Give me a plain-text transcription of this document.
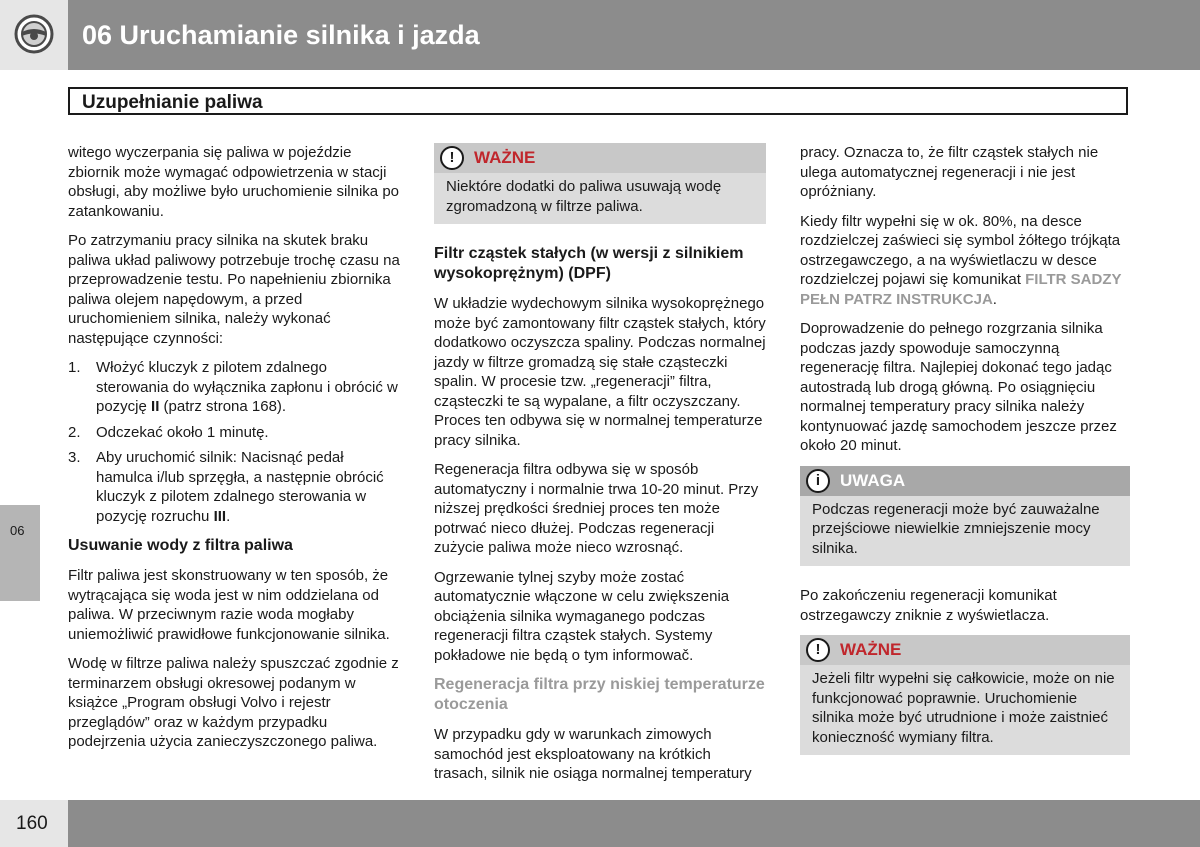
06 Uruchamianie silnika i jazda
Uzupełnianie paliwa
06

witego wyczerpania się paliwa w pojeździe zbiornik może wymagać odpowietrzenia w stacji obsługi, aby możliwe było uruchomienie silnika po zatankowaniu.

Po zatrzymaniu pracy silnika na skutek braku paliwa układ paliwowy potrzebuje trochę czasu na przeprowadzenie testu. Po napełnieniu zbiornika paliwa olejem napędowym, a przed uruchomieniem silnika, należy wykonać następujące czynności:

1. Włożyć kluczyk z pilotem zdalnego sterowania do wyłącznika zapłonu i obrócić w pozycję II (patrz strona 168).
2. Odczekać około 1 minutę.
3. Aby uruchomić silnik: Nacisnąć pedał hamulca i/lub sprzęgła, a następnie obrócić kluczyk z pilotem zdalnego sterowania w pozycję rozruchu III.

Usuwanie wody z filtra paliwa

Filtr paliwa jest skonstruowany w ten sposób, że wytrącająca się woda jest w nim oddzielana od paliwa. W przeciwnym razie woda mogłaby uniemożliwić prawidłowe funkcjonowanie silnika.

Wodę w filtrze paliwa należy spuszczać zgodnie z terminarzem obsługi okresowej podanym w książce „Program obsługi Volvo i rejestr przeglądów” oraz w każdym przypadku podejrzenia użycia zanieczyszczonego paliwa.

!	WAŻNE
Niektóre dodatki do paliwa usuwają wodę zgromadzoną w filtrze paliwa.

Filtr cząstek stałych (w wersji z silnikiem wysokoprężnym) (DPF)

W układzie wydechowym silnika wysokoprężnego może być zamontowany filtr cząstek stałych, który dodatkowo oczyszcza spaliny. Podczas normalnej jazdy w filtrze gromadzą się stałe cząsteczki spalin. W procesie tzw. „regeneracji” filtra, cząsteczki te są wypalane, a filtr oczyszczany. Proces ten odbywa się w normalnej temperaturze pracy silnika.

Regeneracja filtra odbywa się w sposób automatyczny i normalnie trwa 10-20 minut. Przy niższej prędkości średniej proces ten może potrwać nieco dłużej. Podczas regeneracji zużycie paliwa może nieco wzrosnąć.

Ogrzewanie tylnej szyby może zostać automatycznie włączone w celu zwiększenia obciążenia silnika wymaganego podczas regeneracji filtra cząstek stałych. Systemy pokładowe nie będą o tym informowač.

Regeneracja filtra przy niskiej temperaturze otoczenia

W przypadku gdy w warunkach zimowych samochód jest eksploatowany na krótkich trasach, silnik nie osiąga normalnej temperatury

pracy. Oznacza to, że filtr cząstek stałych nie ulega automatycznej regeneracji i nie jest opróżniany.

Kiedy filtr wypełni się w ok. 80%, na desce rozdzielczej zaświeci się symbol żółtego trójkąta ostrzegawczego, a na wyświetlaczu w desce rozdzielczej pojawi się komunikat FILTR SADZY PEŁN PATRZ INSTRUKCJA.

Doprowadzenie do pełnego rozgrzania silnika podczas jazdy spowoduje samoczynną regenerację filtra. Najlepiej dokonać tego jadąc autostradą lub drogą główną. Po osiągnięciu normalnej temperatury pracy silnika należy kontynuować jazdę samochodem jeszcze przez około 20 minut.

i	UWAGA
Podczas regeneracji może być zauważalne przejściowe niewielkie zmniejszenie mocy silnika.

Po zakończeniu regeneracji komunikat ostrzegawczy zniknie z wyświetlacza.

!	WAŻNE
Jeżeli filtr wypełni się całkowicie, może on nie funkcjonować poprawnie. Uruchomienie silnika może być utrudnione i może zaistnieć konieczność wymiany filtra.
160
